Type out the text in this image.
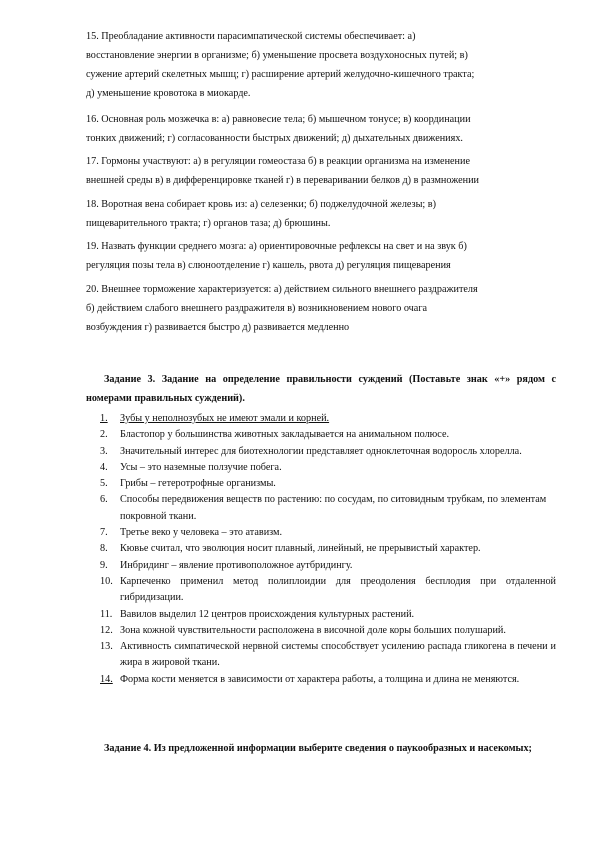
15. Преобладание активности парасимпатической системы обеспечивает: а)
восстановление энергии в организме; б) уменьшение просвета воздухоносных путей; в)
сужение артерий скелетных мышц; г) расширение артерий желудочно-кишечного тракта;
д) уменьшение кровотока в миокарде.
16. Основная роль мозжечка в: а) равновесие тела; б) мышечном тонусе; в) координации
тонких движений; г) согласованности быстрых движений; д) дыхательных движениях.
17. Гормоны участвуют: а) в регуляции гомеостаза б) в реакции организма на изменение
внешней среды в) в дифференцировке тканей г) в переваривании белков д) в размножении
18. Воротная вена собирает кровь из: а) селезенки; б) поджелудочной железы; в)
пищеварительного тракта; г) органов таза; д) брюшины.
19. Назвать функции среднего мозга: а) ориентировочные рефлексы на свет и на звук б)
регуляция позы тела в) слюноотделение г) кашель, рвота д) регуляция пищеварения
20. Внешнее торможение характеризуется: а) действием сильного внешнего раздражителя
б) действием слабого внешнего раздражителя в) возникновением нового очага
возбуждения г) развивается быстро д) развивается медленно
Задание 3. Задание на определение правильности суждений (Поставьте знак «+» рядом с номерами правильных суждений).
1. Зубы у неполнозубых не имеют эмали и корней.
2. Бластопор у большинства животных закладывается на анимальном полюсе.
3. Значительный интерес для биотехнологии представляет одноклеточная водоросль хлорелла.
4. Усы – это наземные ползучие побега.
5. Грибы – гетеротрофные организмы.
6. Способы передвижения веществ по растению: по сосудам, по ситовидным трубкам, по элементам покровной ткани.
7. Третье веко у человека – это атавизм.
8. Кювье считал, что эволюция носит плавный, линейный, не прерывистый характер.
9. Инбридинг – явление противоположное аутбридингу.
10. Карпеченко применил метод полиплоидии для преодоления бесплодия при отдаленной гибридизации.
11. Вавилов выделил 12 центров происхождения культурных растений.
12. Зона кожной чувствительности расположена в височной доле коры больших полушарий.
13. Активность симпатической нервной системы способствует усилению распада гликогена в печени и жира в жировой ткани.
14. Форма кости меняется в зависимости от характера работы, а толщина и длина не меняются.
Задание 4. Из предложенной информации выберите сведения о паукообразных и насекомых;
